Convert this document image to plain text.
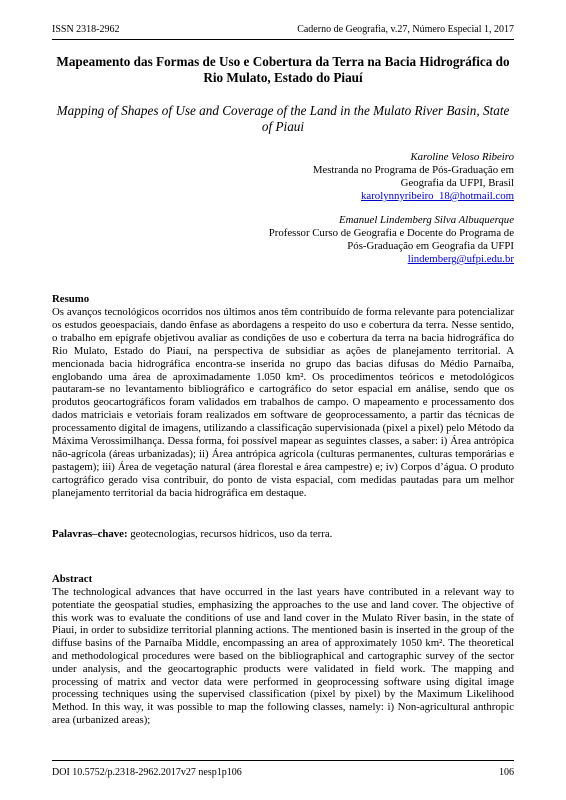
ISSN 2318-2962	Caderno de Geografia, v.27, Número Especial 1, 2017
Mapeamento das Formas de Uso e Cobertura da Terra na Bacia Hidrográfica do Rio Mulato, Estado do Piauí
Mapping of Shapes of Use and Coverage of the Land in the Mulato River Basin, State of Piaui
Karoline Veloso Ribeiro
Mestranda no Programa de Pós-Graduação em
Geografia da UFPI, Brasil
karolynnyribeiro_18@hotmail.com
Emanuel Lindemberg Silva Albuquerque
Professor Curso de Geografia e Docente do Programa de
Pós-Graduação em Geografia da UFPI
lindemberg@ufpi.edu.br
Resumo
Os avanços tecnológicos ocorridos nos últimos anos têm contribuído de forma relevante para potencializar os estudos geoespaciais, dando ênfase as abordagens a respeito do uso e cobertura da terra. Nesse sentido, o trabalho em epígrafe objetivou avaliar as condições de uso e cobertura da terra na bacia hidrográfica do Rio Mulato, Estado do Piauí, na perspectiva de subsidiar as ações de planejamento territorial. A mencionada bacia hidrográfica encontra-se inserida no grupo das bacias difusas do Médio Parnaíba, englobando uma área de aproximadamente 1.050 km². Os procedimentos teóricos e metodológicos pautaram-se no levantamento bibliográfico e cartográfico do setor espacial em análise, sendo que os produtos geocartográficos foram validados em trabalhos de campo. O mapeamento e processamento dos dados matriciais e vetoriais foram realizados em software de geoprocessamento, a partir das técnicas de processamento digital de imagens, utilizando a classificação supervisionada (pixel a pixel) pelo Método da Máxima Verossimilhança. Dessa forma, foi possível mapear as seguintes classes, a saber: i) Área antrópica não-agrícola (áreas urbanizadas); ii) Área antrópica agrícola (culturas permanentes, culturas temporárias e pastagem); iii) Área de vegetação natural (área florestal e área campestre) e; iv) Corpos d’água. O produto cartográfico gerado visa contribuir, do ponto de vista espacial, com medidas pautadas para um melhor planejamento territorial da bacia hidrográfica em destaque.
Palavras–chave: geotecnologias, recursos hídricos, uso da terra.
Abstract
The technological advances that have occurred in the last years have contributed in a relevant way to potentiate the geospatial studies, emphasizing the approaches to the use and land cover. The objective of this work was to evaluate the conditions of use and land cover in the Mulato River basin, in the state of Piaui, in order to subsidize territorial planning actions. The mentioned basin is inserted in the group of the diffuse basins of the Parnaíba Middle, encompassing an area of approximately 1050 km². The theoretical and methodological procedures were based on the bibliographical and cartographic survey of the sector under analysis, and the geocartographic products were validated in field work. The mapping and processing of matrix and vector data were performed in geoprocessing software using digital image processing techniques using the supervised classification (pixel by pixel) by the Maximum Likelihood Method. In this way, it was possible to map the following classes, namely: i) Non-agricultural anthropic area (urbanized areas);
DOI 10.5752/p.2318-2962.2017v27 nesp1p106	106
